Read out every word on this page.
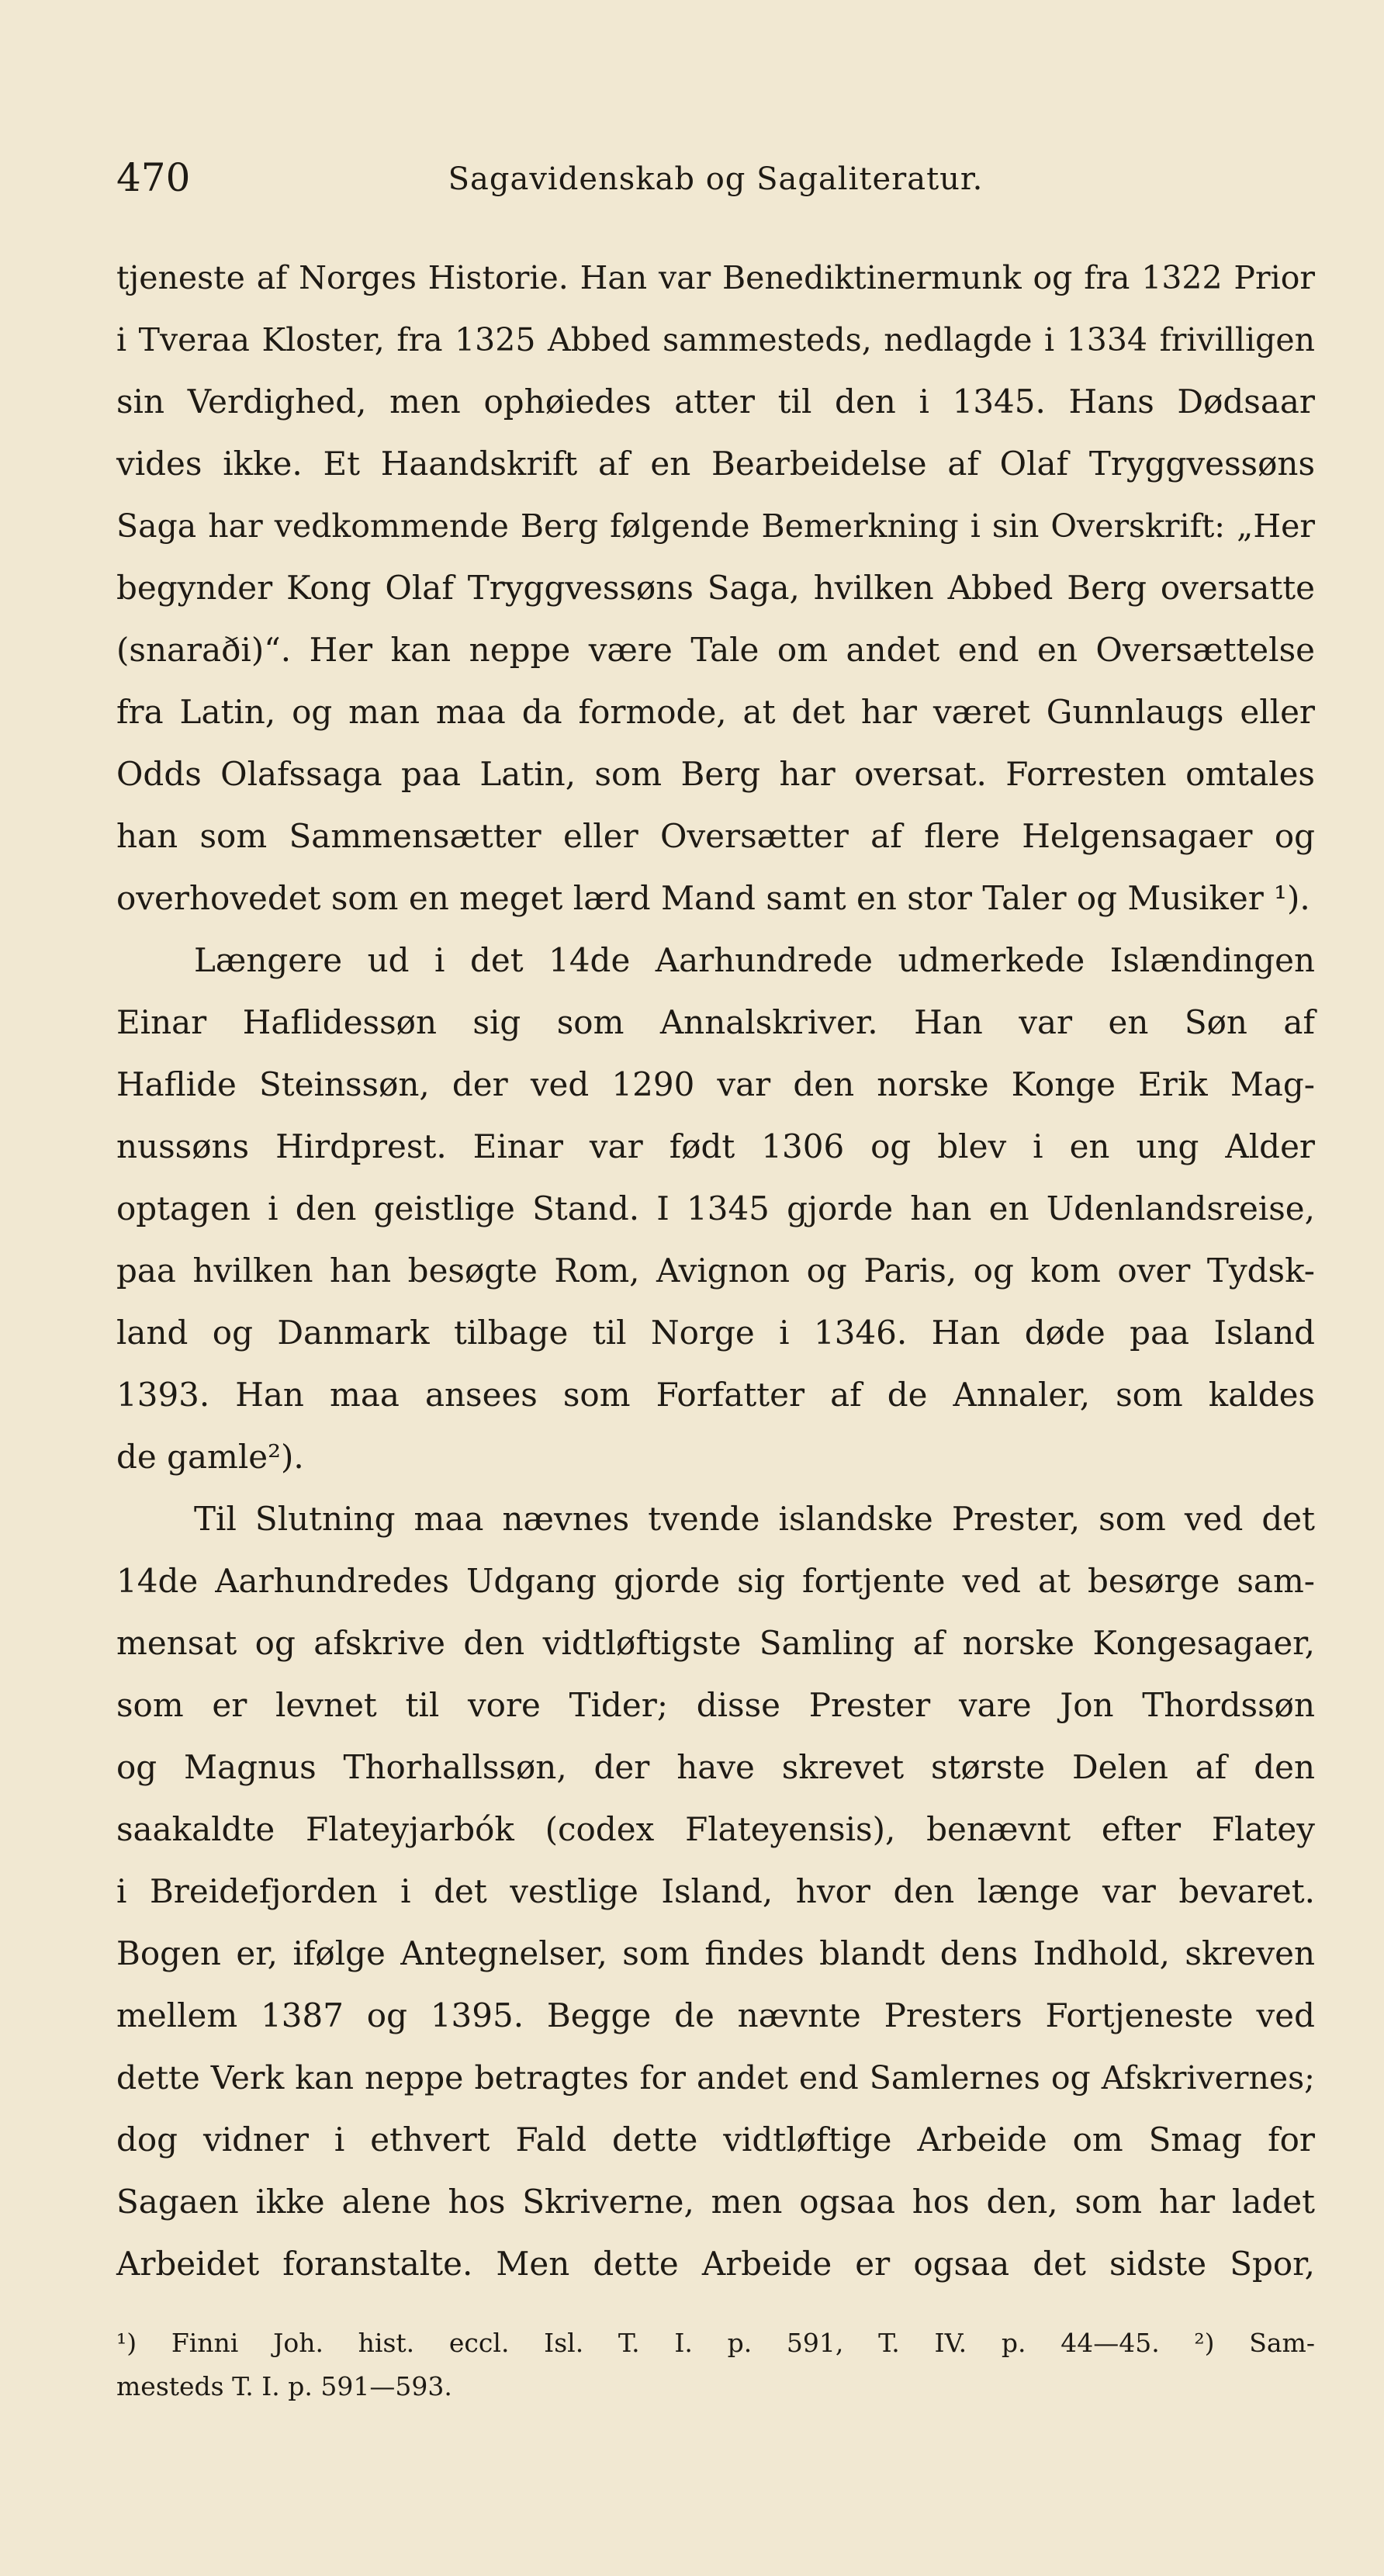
470	Sagavidenskab og Sagaliteratur.
tjeneste af Norges Historie. Han var Benediktinermunk og fra 1322 Prior
i Tveraa Kloster, fra 1325 Abbed sammesteds, nedlagde i 1334 frivilligen
sin Verdighed, men ophøiedes atter til den i 1345. Hans Dødsaar
vides ikke. Et Haandskrift af en Bearbeidelse af Olaf Tryggvessøns
Saga har vedkommende Berg følgende Bemerkning i sin Overskrift: „Her
begynder Kong Olaf Tryggvessøns Saga, hvilken Abbed Berg oversatte
(snaraði)“. Her kan neppe være Tale om andet end en Oversættelse
fra Latin, og man maa da formode, at det har været Gunnlaugs eller
Odds Olafssaga paa Latin, som Berg har oversat. Forresten omtales
han som Sammensætter eller Oversætter af flere Helgensagaer og
overhovedet som en meget lærd Mand samt en stor Taler og Musiker ¹).
Længere ud i det 14de Aarhundrede udmerkede Islændingen
Einar Haflidessøn sig som Annalskriver. Han var en Søn af
Haflide Steinssøn, der ved 1290 var den norske Konge Erik Mag-
nussøns Hirdprest. Einar var født 1306 og blev i en ung Alder
optagen i den geistlige Stand. I 1345 gjorde han en Udenlandsreise,
paa hvilken han besøgte Rom, Avignon og Paris, og kom over Tydsk-
land og Danmark tilbage til Norge i 1346. Han døde paa Island
1393. Han maa ansees som Forfatter af de Annaler, som kaldes
de gamle²).
Til Slutning maa nævnes tvende islandske Prester, som ved det
14de Aarhundredes Udgang gjorde sig fortjente ved at besørge sam-
mensat og afskrive den vidtløftigste Samling af norske Kongesagaer,
som er levnet til vore Tider; disse Prester vare Jon Thordssøn
og Magnus Thorhallssøn, der have skrevet største Delen af den
saakaldte Flateyjarbók (codex Flateyensis), benævnt efter Flatey
i Breidefjorden i det vestlige Island, hvor den længe var bevaret.
Bogen er, ifølge Antegnelser, som findes blandt dens Indhold, skreven
mellem 1387 og 1395. Begge de nævnte Presters Fortjeneste ved
dette Verk kan neppe betragtes for andet end Samlernes og Afskrivernes;
dog vidner i ethvert Fald dette vidtløftige Arbeide om Smag for
Sagaen ikke alene hos Skriverne, men ogsaa hos den, som har ladet
Arbeidet foranstalte. Men dette Arbeide er ogsaa det sidste Spor,
¹) Finni Joh. hist. eccl. Isl. T. I. p. 591, T. IV. p. 44—45. ²) Sam-
mesteds T. I. p. 591—593.
